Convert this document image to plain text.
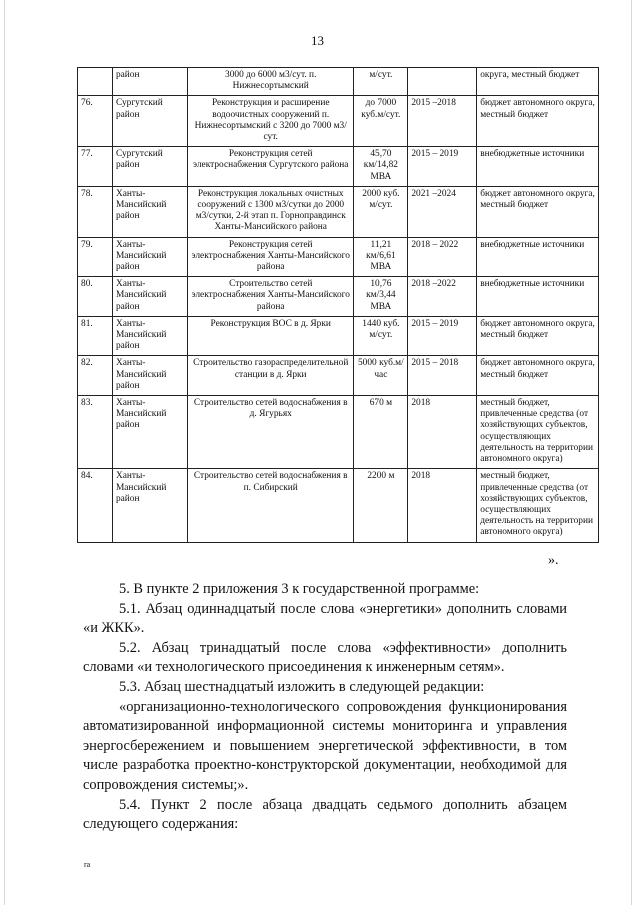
13
	район	3000 до 6000 м3/сут. п. Нижнесортымский	м/сут.		округа, местный бюджет
76.	Сургутский район	Реконструкция и расширение водоочистных сооружений п. Нижнесортымский с 3200 до 7000 м3/сут.	до 7000 куб.м/сут.	2015 –2018	бюджет автономного округа, местный бюджет
77.	Сургутский район	Реконструкция сетей электроснабжения Сургутского района	45,70 км/14,82 МВА	2015 – 2019	внебюджетные источники
78.	Ханты-Мансийский район	Реконструкция локальных очистных сооружений с 1300 м3/сутки до 2000 м3/сутки, 2-й этап п. Горноправдинск Ханты-Мансийского района	2000 куб. м/сут.	2021 –2024	бюджет автономного округа, местный бюджет
79.	Ханты-Мансийский район	Реконструкция сетей электроснабжения Ханты-Мансийского района	11,21 км/6,61 МВА	2018 – 2022	внебюджетные источники
80.	Ханты-Мансийский район	Строительство сетей электроснабжения Ханты-Мансийского района	10,76 км/3,44 МВА	2018 –2022	внебюджетные источники
81.	Ханты-Мансийский район	Реконструкция ВОС в д. Ярки	1440 куб. м/сут.	2015 – 2019	бюджет автономного округа, местный бюджет
82.	Ханты-Мансийский район	Строительство газораспределительной станции в д. Ярки	5000 куб.м/ час	2015 – 2018	бюджет автономного округа, местный бюджет
83.	Ханты-Мансийский район	Строительство сетей водоснабжения в д. Ягурьях	670 м	2018	местный бюджет, привлеченные средства (от хозяйствующих субъектов, осуществляющих деятельность на территории автономного округа)
84.	Ханты-Мансийский район	Строительство сетей водоснабжения в п. Сибирский	2200 м	2018	местный бюджет, привлеченные средства (от хозяйствующих субъектов, осуществляющих деятельность на территории автономного округа)
».

5. В пункте 2 приложения 3 к государственной программе:

5.1. Абзац одиннадцатый после слова «энергетики» дополнить словами «и ЖКК».

5.2. Абзац тринадцатый после слова «эффективности» дополнить словами «и технологического присоединения к инженерным сетям».

5.3. Абзац шестнадцатый изложить в следующей редакции:

«организационно-технологического сопровождения функционирования автоматизированной информационной системы мониторинга и управления энергосбережением и повышением энергетической эффективности, в том числе разработка проектно-конструкторской документации, необходимой для сопровождения системы;».

5.4. Пункт 2 после абзаца двадцать седьмого дополнить абзацем следующего содержания:

ra
